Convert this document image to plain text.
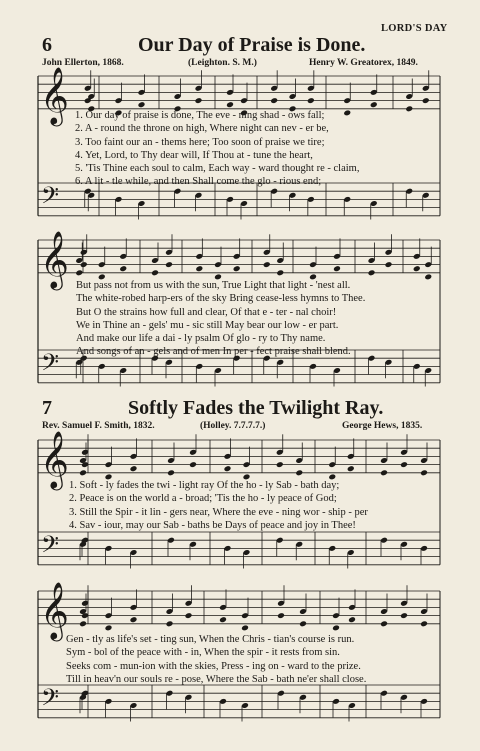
𝄞
𝄢
𝄞
𝄢
𝄞
𝄢
𝄞
𝄢
LORD'S DAY
6	Our Day of Praise is Done.
John Ellerton, 1868.	(Leighton. S. M.)	Henry W. Greatorex, 1849.
1. Our day of praise is done, The eve - ning shad - ows fall;
2. A - round the throne on high, Where night can nev - er be,
3. Too faint our an - thems here; Too soon of praise we tire;
4. Yet, Lord, to Thy dear will, If Thou at - tune the heart,
5. 'Tis Thine each soul to calm, Each way - ward thought re - claim,
6. A lit - tle while, and then Shall come the glo - rious end;
But pass not from us with the sun, True Light that light - 'nest all.
The white-robed harp-ers of the sky Bring cease-less hymns to Thee.
But O the strains how full and clear, Of that e - ter - nal choir!
We in Thine an - gels' mu - sic still May bear our low - er part.
And make our life a dai - ly psalm Of glo - ry to Thy name.
And songs of an - gels and of men In per - fect praise shall blend.
7	Softly Fades the Twilight Ray.
Rev. Samuel F. Smith, 1832.	(Holley. 7.7.7.7.)	George Hews, 1835.
1. Soft - ly fades the twi - light ray Of the ho - ly Sab - bath day;
2. Peace is on the world a - broad; 'Tis the ho - ly peace of God;
3. Still the Spir - it lin - gers near, Where the eve - ning wor - ship - per
4. Sav - iour, may our Sab - baths be Days of peace and joy in Thee!
Gen - tly as life's set - ting sun, When the Chris - tian's course is run.
Sym - bol of the peace with - in, When the spir - it rests from sin.
Seeks com - mun-ion with the skies, Press - ing on - ward to the prize.
Till in heav'n our souls re - pose, Where the Sab - bath ne'er shall close.
